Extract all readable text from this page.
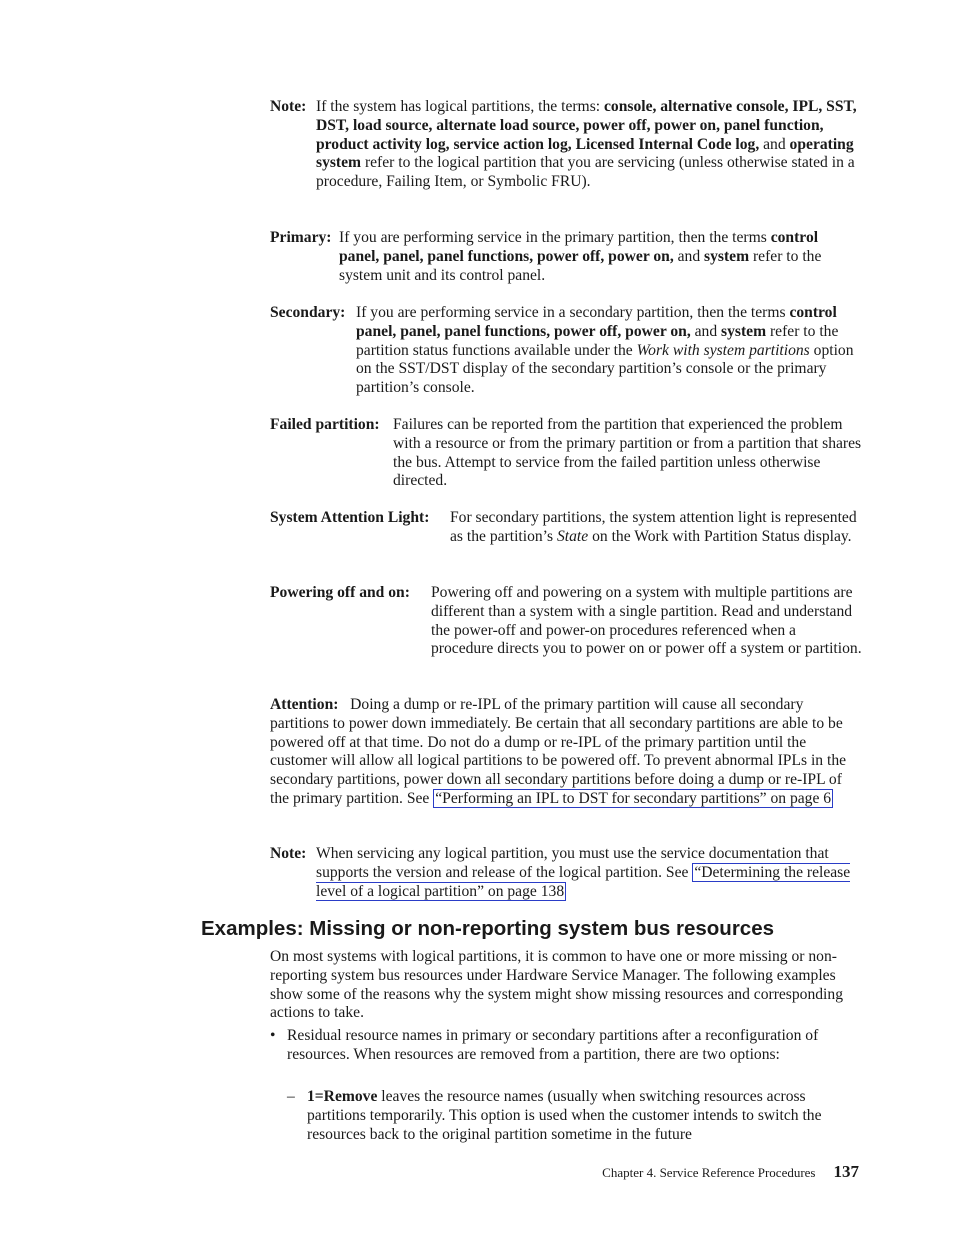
Note: If the system has logical partitions, the terms: console, alternative console, IPL, SST, DST, load source, alternate load source, power off, power on, panel function, product activity log, service action log, Licensed Internal Code log, and operating system refer to the logical partition that you are servicing (unless otherwise stated in a procedure, Failing Item, or Symbolic FRU).

Primary: If you are performing service in the primary partition, then the terms control panel, panel, panel functions, power off, power on, and system refer to the system unit and its control panel.

Secondary: If you are performing service in a secondary partition, then the terms control panel, panel, panel functions, power off, power on, and system refer to the partition status functions available under the Work with system partitions option on the SST/DST display of the secondary partition’s console or the primary partition’s console.

Failed partition: Failures can be reported from the partition that experienced the problem with a resource or from the primary partition or from a partition that shares the bus. Attempt to service from the failed partition unless otherwise directed.

System Attention Light: For secondary partitions, the system attention light is represented as the partition’s State on the Work with Partition Status display.

Powering off and on: Powering off and powering on a system with multiple partitions are different than a system with a single partition. Read and understand the power-off and power-on procedures referenced when a procedure directs you to power on or power off a system or partition.

Attention: Doing a dump or re-IPL of the primary partition will cause all secondary partitions to power down immediately. Be certain that all secondary partitions are able to be powered off at that time. Do not do a dump or re-IPL of the primary partition until the customer will allow all logical partitions to be powered off. To prevent abnormal IPLs in the secondary partitions, power down all secondary partitions before doing a dump or re-IPL of the primary partition. See “Performing an IPL to DST for secondary partitions” on page 6

Note: When servicing any logical partition, you must use the service documentation that supports the version and release of the logical partition. See “Determining the release level of a logical partition” on page 138

Examples: Missing or non-reporting system bus resources

On most systems with logical partitions, it is common to have one or more missing or non-reporting system bus resources under Hardware Service Manager. The following examples show some of the reasons why the system might show missing resources and corresponding actions to take.

• Residual resource names in primary or secondary partitions after a reconfiguration of resources. When resources are removed from a partition, there are two options:

– 1=Remove leaves the resource names (usually when switching resources across partitions temporarily. This option is used when the customer intends to switch the resources back to the original partition sometime in the future

Chapter 4. Service Reference Procedures 137
